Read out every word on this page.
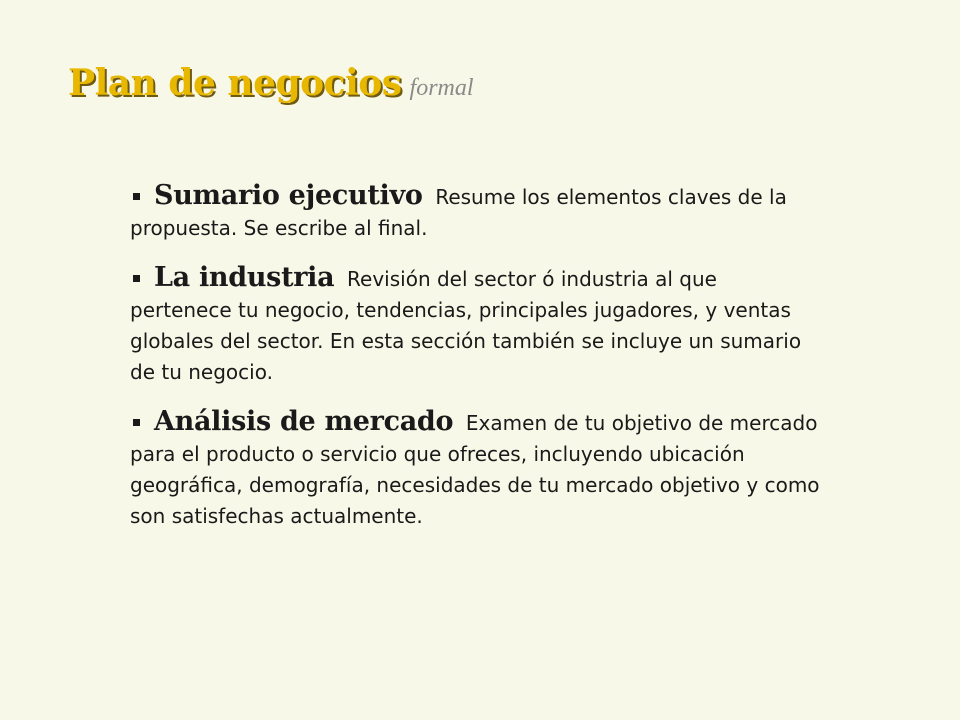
Plan de negocios formal

Sumario ejecutivo Resume los elementos claves de la propuesta. Se escribe al final.

La industria Revisión del sector ó industria al que pertenece tu negocio, tendencias, principales jugadores, y ventas globales del sector. En esta sección también se incluye un sumario de tu negocio.

Análisis de mercado Examen de tu objetivo de mercado para el producto o servicio que ofreces, incluyendo ubicación geográfica, demografía, necesidades de tu mercado objetivo y como son satisfechas actualmente.
